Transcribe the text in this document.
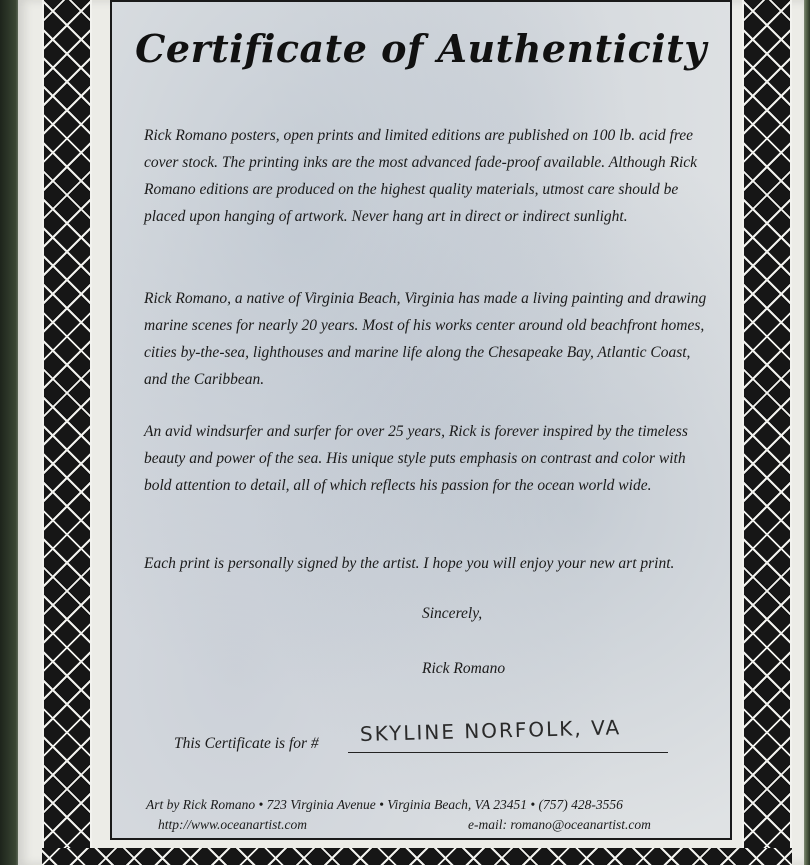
Certificate of Authenticity

Rick Romano posters, open prints and limited editions are published on 100 lb. acid free cover stock. The printing inks are the most advanced fade-proof available. Although Rick Romano editions are produced on the highest quality materials, utmost care should be placed upon hanging of artwork. Never hang art in direct or indirect sunlight.

Rick Romano, a native of Virginia Beach, Virginia has made a living painting and drawing marine scenes for nearly 20 years. Most of his works center around old beachfront homes, cities by-the-sea, lighthouses and marine life along the Chesapeake Bay, Atlantic Coast, and the Caribbean.

An avid windsurfer and surfer for over 25 years, Rick is forever inspired by the timeless beauty and power of the sea. His unique style puts emphasis on contrast and color with bold attention to detail, all of which reflects his passion for the ocean world wide.

Each print is personally signed by the artist. I hope you will enjoy your new art print.

Sincerely,
Rick Romano
This Certificate is for # SKYLINE NORFOLK, VA
Art by Rick Romano • 723 Virginia Avenue • Virginia Beach, VA 23451 • (757) 428-3556
http://www.oceanartist.com	e-mail: romano@oceanartist.com
